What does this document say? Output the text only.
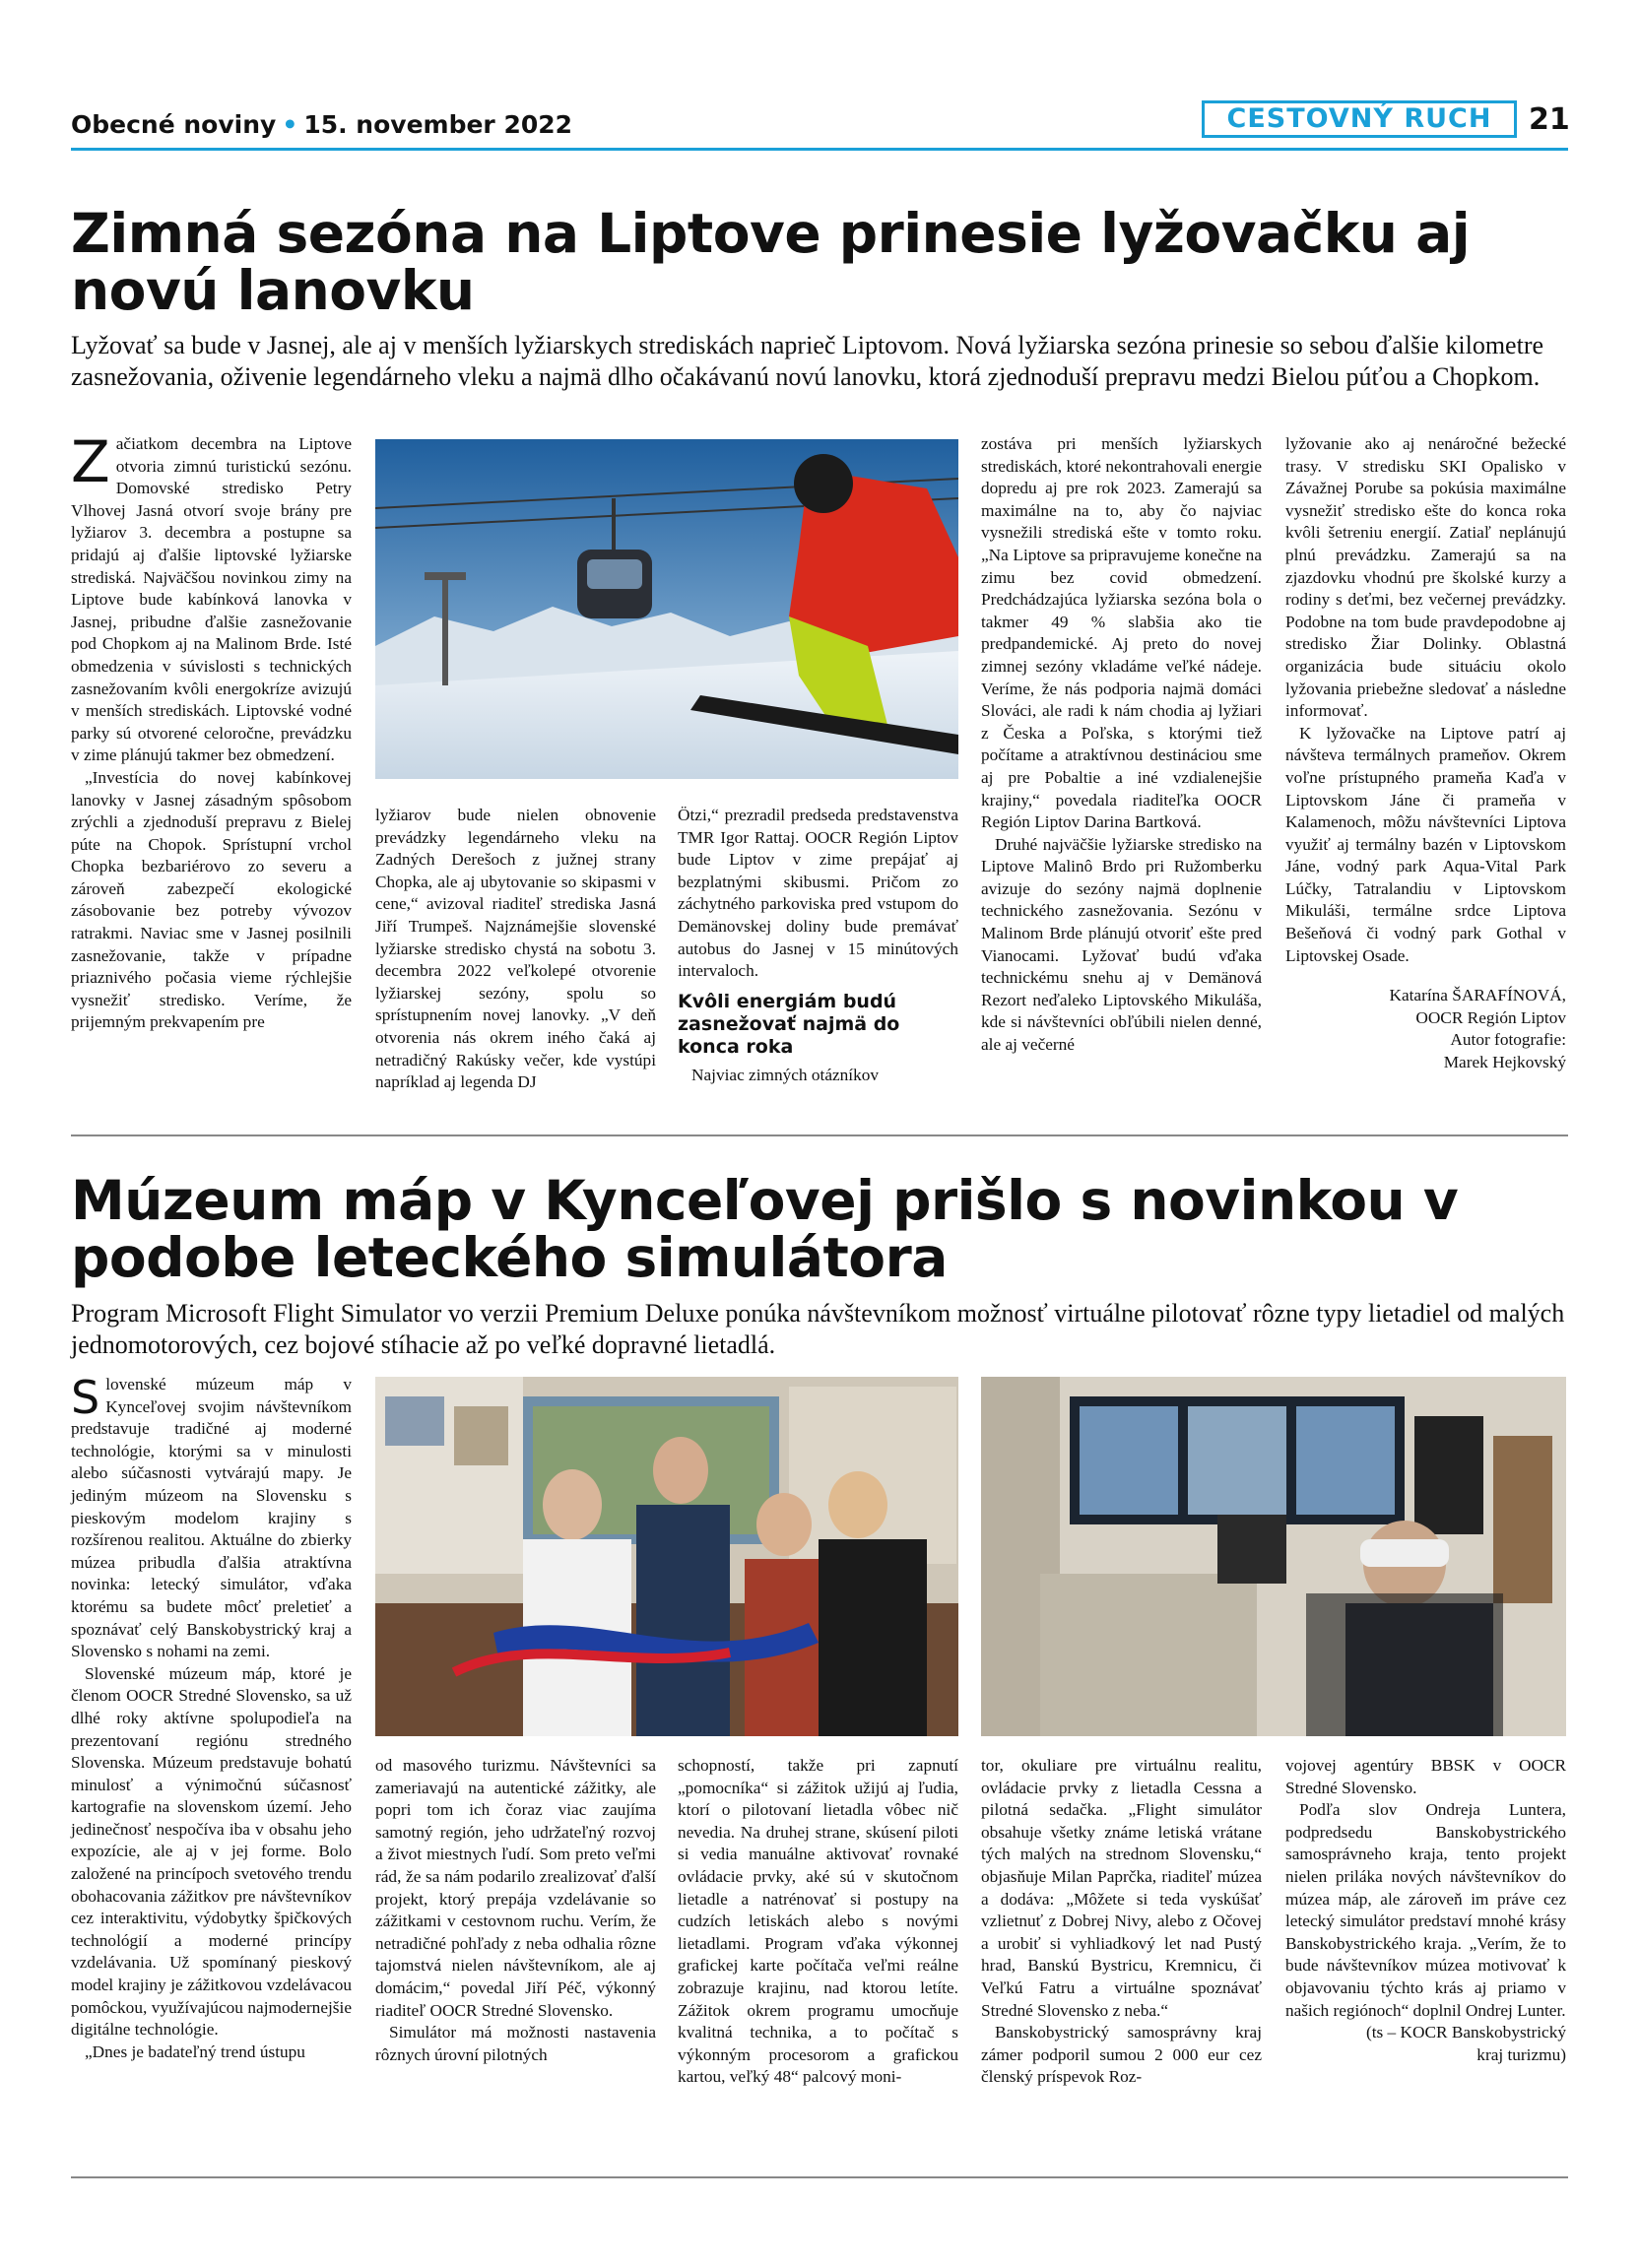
Obecné noviny • 15. november 2022	CESTOVNÝ RUCH	21
Zimná sezóna na Liptove prinesie lyžovačku aj novú lanovku
Lyžovať sa bude v Jasnej, ale aj v menších lyžiarskych strediskách naprieč Liptovom. Nová lyžiarska sezóna prinesie so sebou ďalšie kilometre zasnežovania, oživenie legendárneho vleku a najmä dlho očakávanú novú lanovku, ktorá zjednoduší prepravu medzi Bielou púťou a Chopkom.
Z ačiatkom decembra na Liptove otvoria zimnú turistickú sezónu. Domovské stredisko Petry Vlhovej Jasná otvorí svoje brány pre lyžiarov 3. decembra a postupne sa pridajú aj ďalšie liptovské lyžiarske strediská. Najväčšou novinkou zimy na Liptove bude kabínková lanovka v Jasnej, pribudne ďalšie zasnežovanie pod Chopkom aj na Malinom Brde. Isté obmedzenia v súvislosti s technických zasnežovaním kvôli energokríze avizujú v menších strediskách. Liptovské vodné parky sú otvorené celoročne, prevádzku v zime plánujú takmer bez obmedzení.

„Investícia do novej kabínkovej lanovky v Jasnej zásadným spôsobom zrýchli a zjednoduší prepravu z Bielej púte na Chopok. Sprístupní vrchol Chopka bezbariérovo zo severu a zároveň zabezpečí ekologické zásobovanie bez potreby vývozov ratrakmi. Naviac sme v Jasnej posilnili zasnežovanie, takže v prípadne priaznivého počasia vieme rýchlejšie vysnežiť stredisko. Veríme, že prijemným prekvapením pre

lyžiarov bude nielen obnovenie prevádzky legendárneho vleku na Zadných Derešoch z južnej strany Chopka, ale aj ubytovanie so skipasmi v cene,“ avizoval riaditeľ strediska Jasná Jiří Trumpeš. Najznámejšie slovenské lyžiarske stredisko chystá na sobotu 3. decembra 2022 veľkolepé otvorenie lyžiarskej sezóny, spolu so sprístupnením novej lanovky. „V deň otvorenia nás okrem iného čaká aj netradičný Rakúsky večer, kde vystúpi napríklad aj legenda DJ

Ötzi,“ prezradil predseda predstavenstva TMR Igor Rattaj. OOCR Región Liptov bude Liptov v zime prepájať aj bezplatnými skibusmi. Pričom zo záchytného parkoviska pred vstupom do Demänovskej doliny bude premávať autobus do Jasnej v 15 minútových intervaloch.

Kvôli energiám budú zasnežovať najmä do konca roka

Najviac zimných otázníkov

zostáva pri menších lyžiarskych strediskách, ktoré nekontrahovali energie dopredu aj pre rok 2023. Zamerajú sa maximálne na to, aby čo najviac vysnežili strediská ešte v tomto roku. „Na Liptove sa pripravujeme konečne na zimu bez covid obmedzení. Predchádzajúca lyžiarska sezóna bola o takmer 49 % slabšia ako tie predpandemické. Aj preto do novej zimnej sezóny vkladáme veľké nádeje. Veríme, že nás podporia najmä domáci Slováci, ale radi k nám chodia aj lyžiari z Česka a Poľska, s ktorými tiež počítame a atraktívnou destináciou sme aj pre Pobaltie a iné vzdialenejšie krajiny,“ povedala riaditeľka OOCR Región Liptov Darina Bartková.

Druhé najväčšie lyžiarske stredisko na Liptove Malinô Brdo pri Ružomberku avizuje do sezóny najmä doplnenie technického zasnežovania. Sezónu v Malinom Brde plánujú otvoriť ešte pred Vianocami. Lyžovať budú vďaka technickému snehu aj v Demänová Rezort neďaleko Liptovského Mikuláša, kde si návštevníci obľúbili nielen denné, ale aj večerné

lyžovanie ako aj nenáročné bežecké trasy. V stredisku SKI Opalisko v Závažnej Porube sa pokúsia maximálne vysnežiť stredisko ešte do konca roka kvôli šetreniu energií. Zatiaľ neplánujú plnú prevádzku. Zamerajú sa na zjazdovku vhodnú pre školské kurzy a rodiny s deťmi, bez večernej prevádzky. Podobne na tom bude pravdepodobne aj stredisko Žiar Dolinky. Oblastná organizácia bude situáciu okolo lyžovania priebežne sledovať a následne informovať.

K lyžovačke na Liptove patrí aj návšteva termálnych prameňov. Okrem voľne prístupného prameňa Kaďa v Liptovskom Jáne či prameňa v Kalamenoch, môžu návštevníci Liptova využiť aj termálny bazén v Liptovskom Jáne, vodný park Aqua-Vital Park Lúčky, Tatralandiu v Liptovskom Mikuláši, termálne srdce Liptova Bešeňová či vodný park Gothal v Liptovskej Osade.

Katarína ŠARAFÍNOVÁ,
OOCR Región Liptov
Autor fotografie:
Marek Hejkovský
Múzeum máp v Kynceľovej prišlo s novinkou v podobe leteckého simulátora
Program Microsoft Flight Simulator vo verzii Premium Deluxe ponúka návštevníkom možnosť virtuálne pilotovať rôzne typy lietadiel od malých jednomotorových, cez bojové stíhacie až po veľké dopravné lietadlá.
S lovenské múzeum máp v Kynceľovej svojim návštevníkom predstavuje tradičné aj moderné technológie, ktorými sa v minulosti alebo súčasnosti vytvárajú mapy. Je jediným múzeom na Slovensku s pieskovým modelom krajiny s rozšírenou realitou. Aktuálne do zbierky múzea pribudla ďalšia atraktívna novinka: letecký simulátor, vďaka ktorému sa budete môcť preletieť a spoznávať celý Banskobystrický kraj a Slovensko s nohami na zemi.

Slovenské múzeum máp, ktoré je členom OOCR Stredné Slovensko, sa už dlhé roky aktívne spolupodieľa na prezentovaní regiónu stredného Slovenska. Múzeum predstavuje bohatú minulosť a výnimočnú súčasnosť kartografie na slovenskom území. Jeho jedinečnosť nespočíva iba v obsahu jeho expozície, ale aj v jej forme. Bolo založené na princípoch svetového trendu obohacovania zážitkov pre návštevníkov cez interaktivitu, výdobytky špičkových technológií a moderné princípy vzdelávania. Už spomínaný pieskový model krajiny je zážitkovou vzdelávacou pomôckou, využívajúcou najmodernejšie digitálne technológie.

„Dnes je badateľný trend ústupu

od masového turizmu. Návštevníci sa zameriavajú na autentické zážitky, ale popri tom ich čoraz viac zaujíma samotný región, jeho udržateľný rozvoj a život miestnych ľudí. Som preto veľmi rád, že sa nám podarilo zrealizovať ďalší projekt, ktorý prepája vzdelávanie so zážitkami v cestovnom ruchu. Verím, že netradičné pohľady z neba odhalia rôzne tajomstvá nielen návštevníkom, ale aj domácim,“ povedal Jiří Péč, výkonný riaditeľ OOCR Stredné Slovensko.

Simulátor má možnosti nastavenia rôznych úrovní pilotných

schopností, takže pri zapnutí „pomocníka“ si zážitok užijú aj ľudia, ktorí o pilotovaní lietadla vôbec nič nevedia. Na druhej strane, skúsení piloti si vedia manuálne aktivovať rovnaké ovládacie prvky, aké sú v skutočnom lietadle a natrénovať si postupy na cudzích letiskách alebo s novými lietadlami. Program vďaka výkonnej grafickej karte počítača veľmi reálne zobrazuje krajinu, nad ktorou letíte. Zážitok okrem programu umocňuje kvalitná technika, a to počítač s výkonným procesorom a grafickou kartou, veľký 48“ palcový moni-

tor, okuliare pre virtuálnu realitu, ovládacie prvky z lietadla Cessna a pilotná sedačka. „Flight simulátor obsahuje všetky známe letiská vrátane tých malých na strednom Slovensku,“ objasňuje Milan Paprčka, riaditeľ múzea a dodáva: „Môžete si teda vyskúšať vzlietnuť z Dobrej Nivy, alebo z Očovej a urobiť si vyhliadkový let nad Pustý hrad, Banskú Bystricu, Kremnicu, či Veľkú Fatru a virtuálne spoznávať Stredné Slovensko z neba.“

Banskobystrický samosprávny kraj zámer podporil sumou 2 000 eur cez členský príspevok Roz-

vojovej agentúry BBSK v OOCR Stredné Slovensko.

Podľa slov Ondreja Luntera, podpredsedu Banskobystrického samosprávneho kraja, tento projekt nielen priláka nových návštevníkov do múzea máp, ale zároveň im práve cez letecký simulátor predstaví mnohé krásy Banskobystrického kraja. „Verím, že to bude návštevníkov múzea motivovať k objavovaniu týchto krás aj priamo v našich regiónoch“ doplnil Ondrej Lunter.

(ts – KOCR Banskobystrický
kraj turizmu)
